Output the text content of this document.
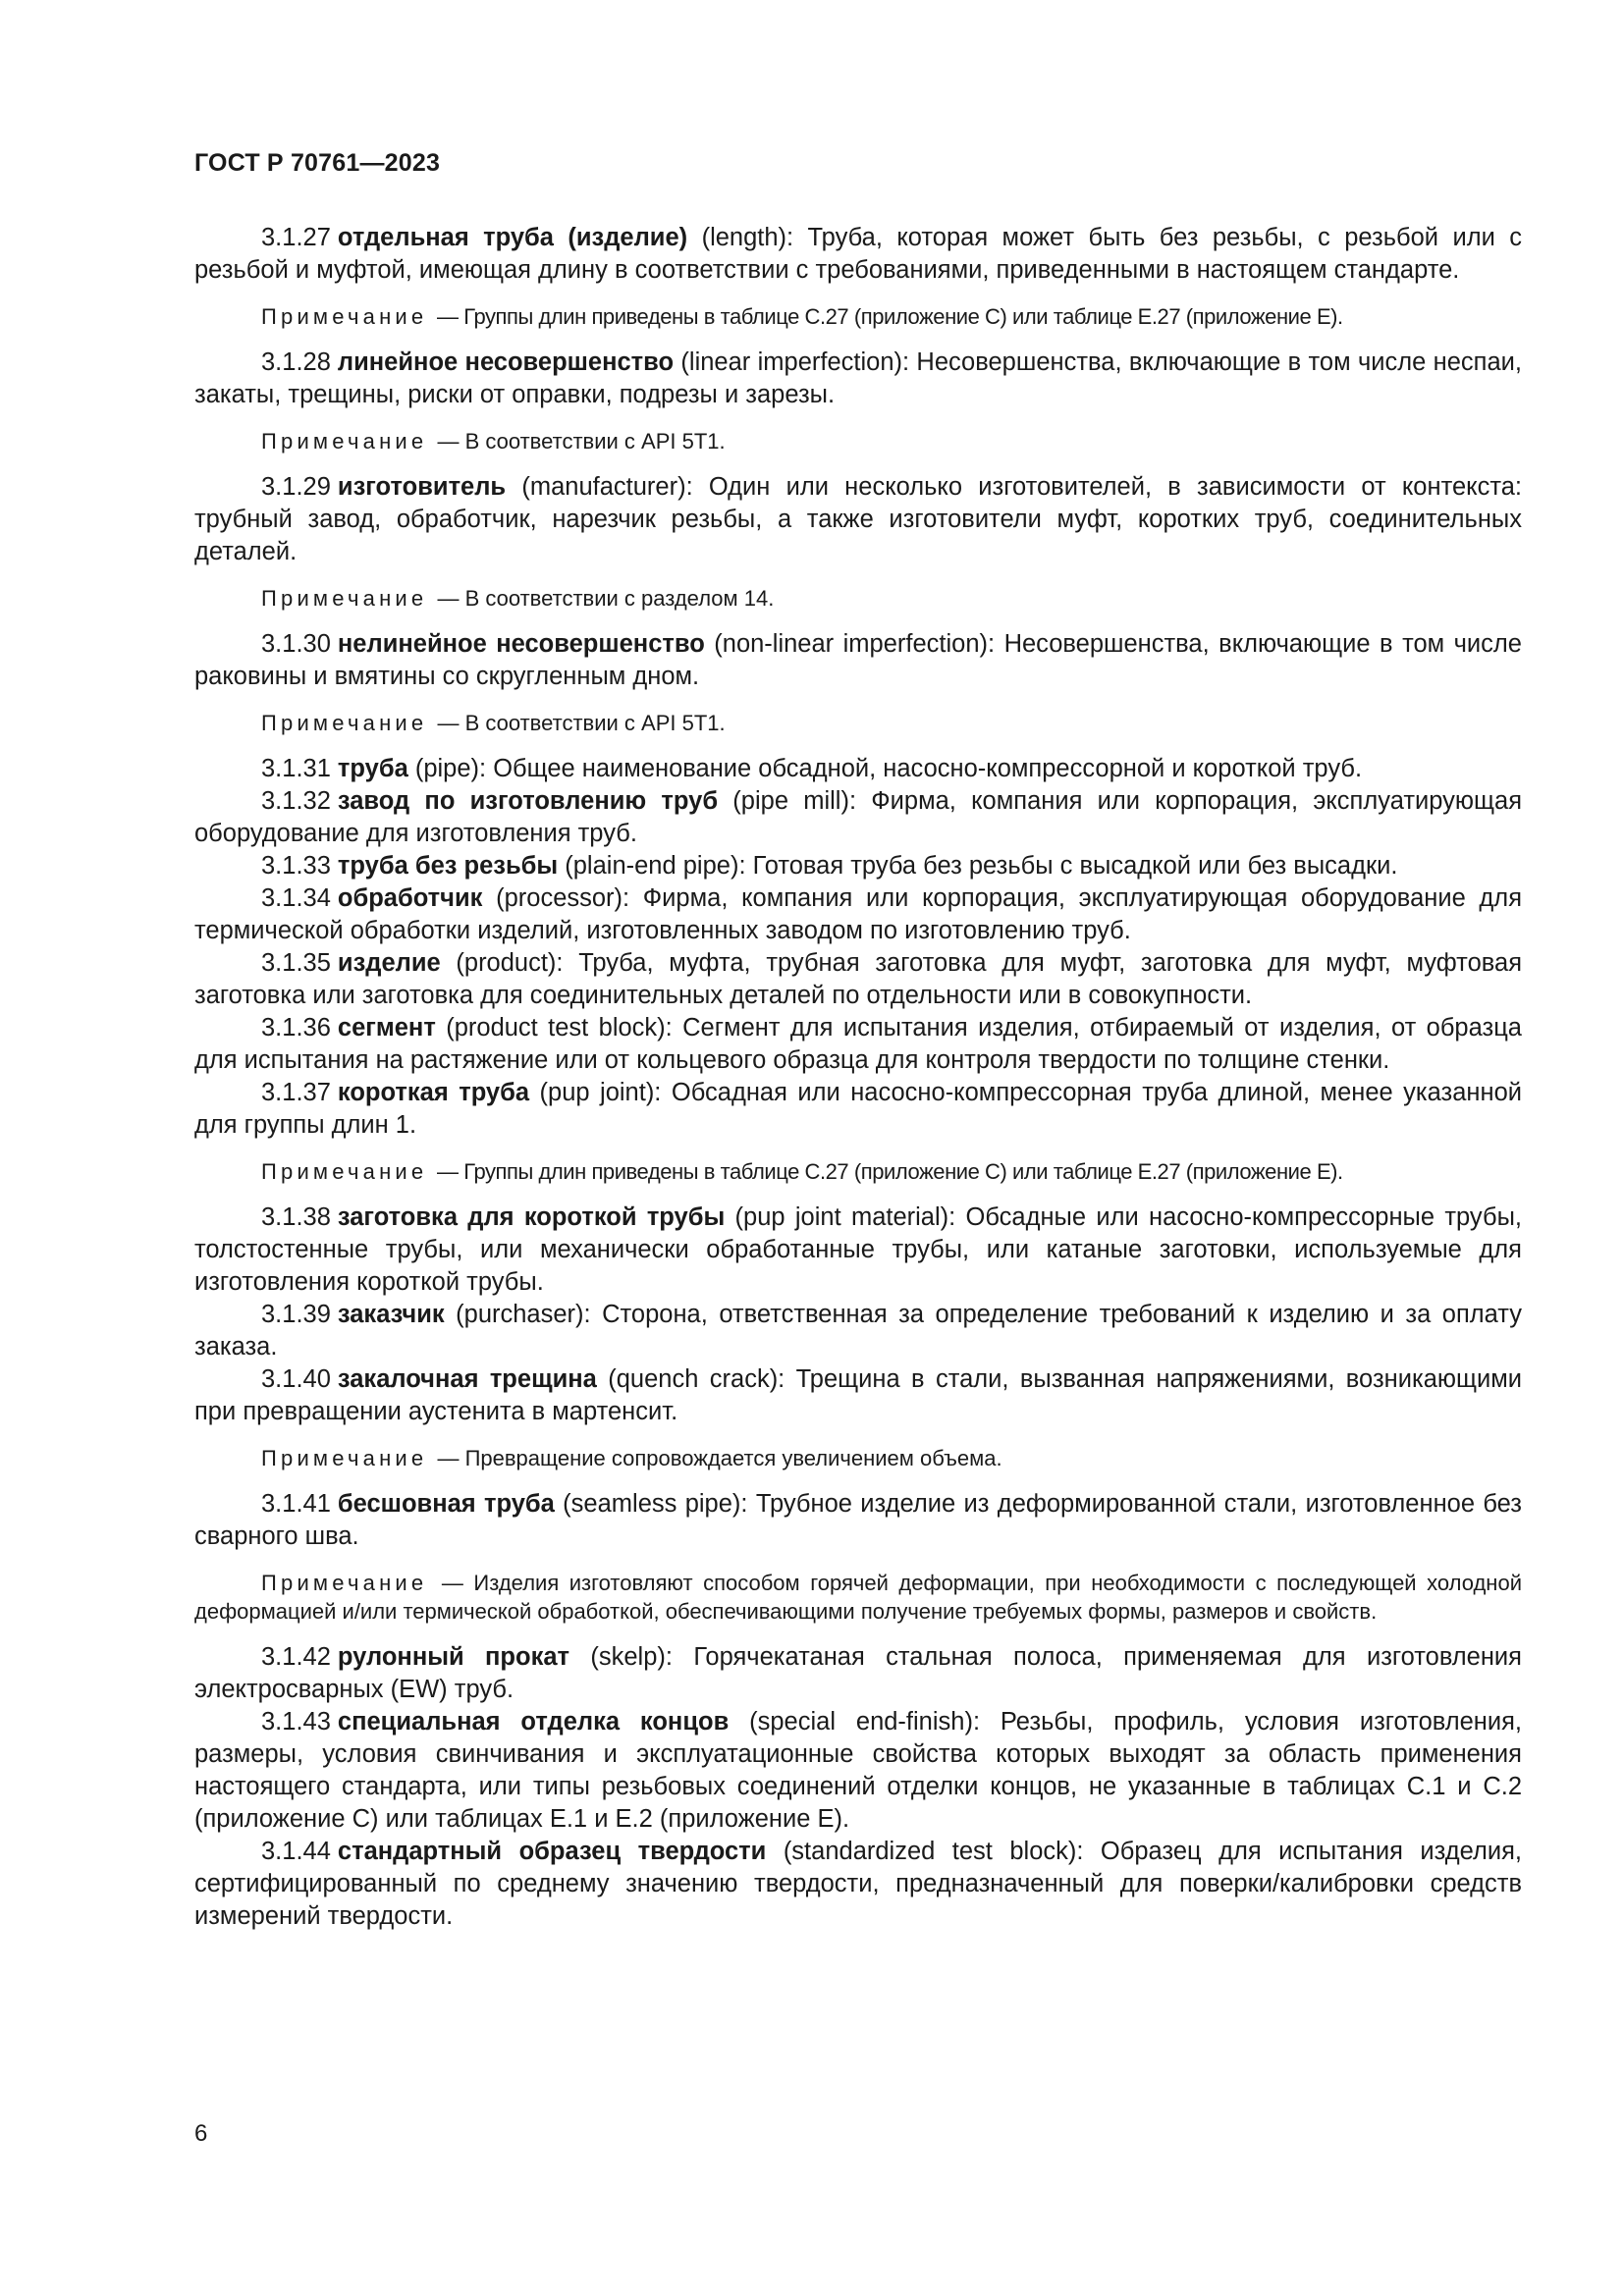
ГОСТ Р 70761—2023

3.1.27 отдельная труба (изделие) (length): Труба, которая может быть без резьбы, с резьбой или с резьбой и муфтой, имеющая длину в соответствии с требованиями, приведенными в настоящем стандарте.

Примечание — Группы длин приведены в таблице С.27 (приложение С) или таблице Е.27 (приложение Е).

3.1.28 линейное несовершенство (linear imperfection): Несовершенства, включающие в том числе неспаи, закаты, трещины, риски от оправки, подрезы и зарезы.

Примечание — В соответствии с API 5T1.

3.1.29 изготовитель (manufacturer): Один или несколько изготовителей, в зависимости от контекста: трубный завод, обработчик, нарезчик резьбы, а также изготовители муфт, коротких труб, соединительных деталей.

Примечание — В соответствии с разделом 14.

3.1.30 нелинейное несовершенство (non-linear imperfection): Несовершенства, включающие в том числе раковины и вмятины со скругленным дном.

Примечание — В соответствии с API 5T1.

3.1.31 труба (pipe): Общее наименование обсадной, насосно-компрессорной и короткой труб.

3.1.32 завод по изготовлению труб (pipe mill): Фирма, компания или корпорация, эксплуатирующая оборудование для изготовления труб.

3.1.33 труба без резьбы (plain-end pipe): Готовая труба без резьбы с высадкой или без высадки.

3.1.34 обработчик (processor): Фирма, компания или корпорация, эксплуатирующая оборудование для термической обработки изделий, изготовленных заводом по изготовлению труб.

3.1.35 изделие (product): Труба, муфта, трубная заготовка для муфт, заготовка для муфт, муфтовая заготовка или заготовка для соединительных деталей по отдельности или в совокупности.

3.1.36 сегмент (product test block): Сегмент для испытания изделия, отбираемый от изделия, от образца для испытания на растяжение или от кольцевого образца для контроля твердости по толщине стенки.

3.1.37 короткая труба (pup joint): Обсадная или насосно-компрессорная труба длиной, менее указанной для группы длин 1.

Примечание — Группы длин приведены в таблице С.27 (приложение С) или таблице Е.27 (приложение Е).

3.1.38 заготовка для короткой трубы (pup joint material): Обсадные или насосно-компрессорные трубы, толстостенные трубы, или механически обработанные трубы, или катаные заготовки, используемые для изготовления короткой трубы.

3.1.39 заказчик (purchaser): Сторона, ответственная за определение требований к изделию и за оплату заказа.

3.1.40 закалочная трещина (quench crack): Трещина в стали, вызванная напряжениями, возникающими при превращении аустенита в мартенсит.

Примечание — Превращение сопровождается увеличением объема.

3.1.41 бесшовная труба (seamless pipe): Трубное изделие из деформированной стали, изготовленное без сварного шва.

Примечание — Изделия изготовляют способом горячей деформации, при необходимости с последующей холодной деформацией и/или термической обработкой, обеспечивающими получение требуемых формы, размеров и свойств.

3.1.42 рулонный прокат (skelp): Горячекатаная стальная полоса, применяемая для изготовления электросварных (EW) труб.

3.1.43 специальная отделка концов (special end-finish): Резьбы, профиль, условия изготовления, размеры, условия свинчивания и эксплуатационные свойства которых выходят за область применения настоящего стандарта, или типы резьбовых соединений отделки концов, не указанные в таблицах С.1 и С.2 (приложение С) или таблицах Е.1 и Е.2 (приложение Е).

3.1.44 стандартный образец твердости (standardized test block): Образец для испытания изделия, сертифицированный по среднему значению твердости, предназначенный для поверки/калибровки средств измерений твердости.

6
